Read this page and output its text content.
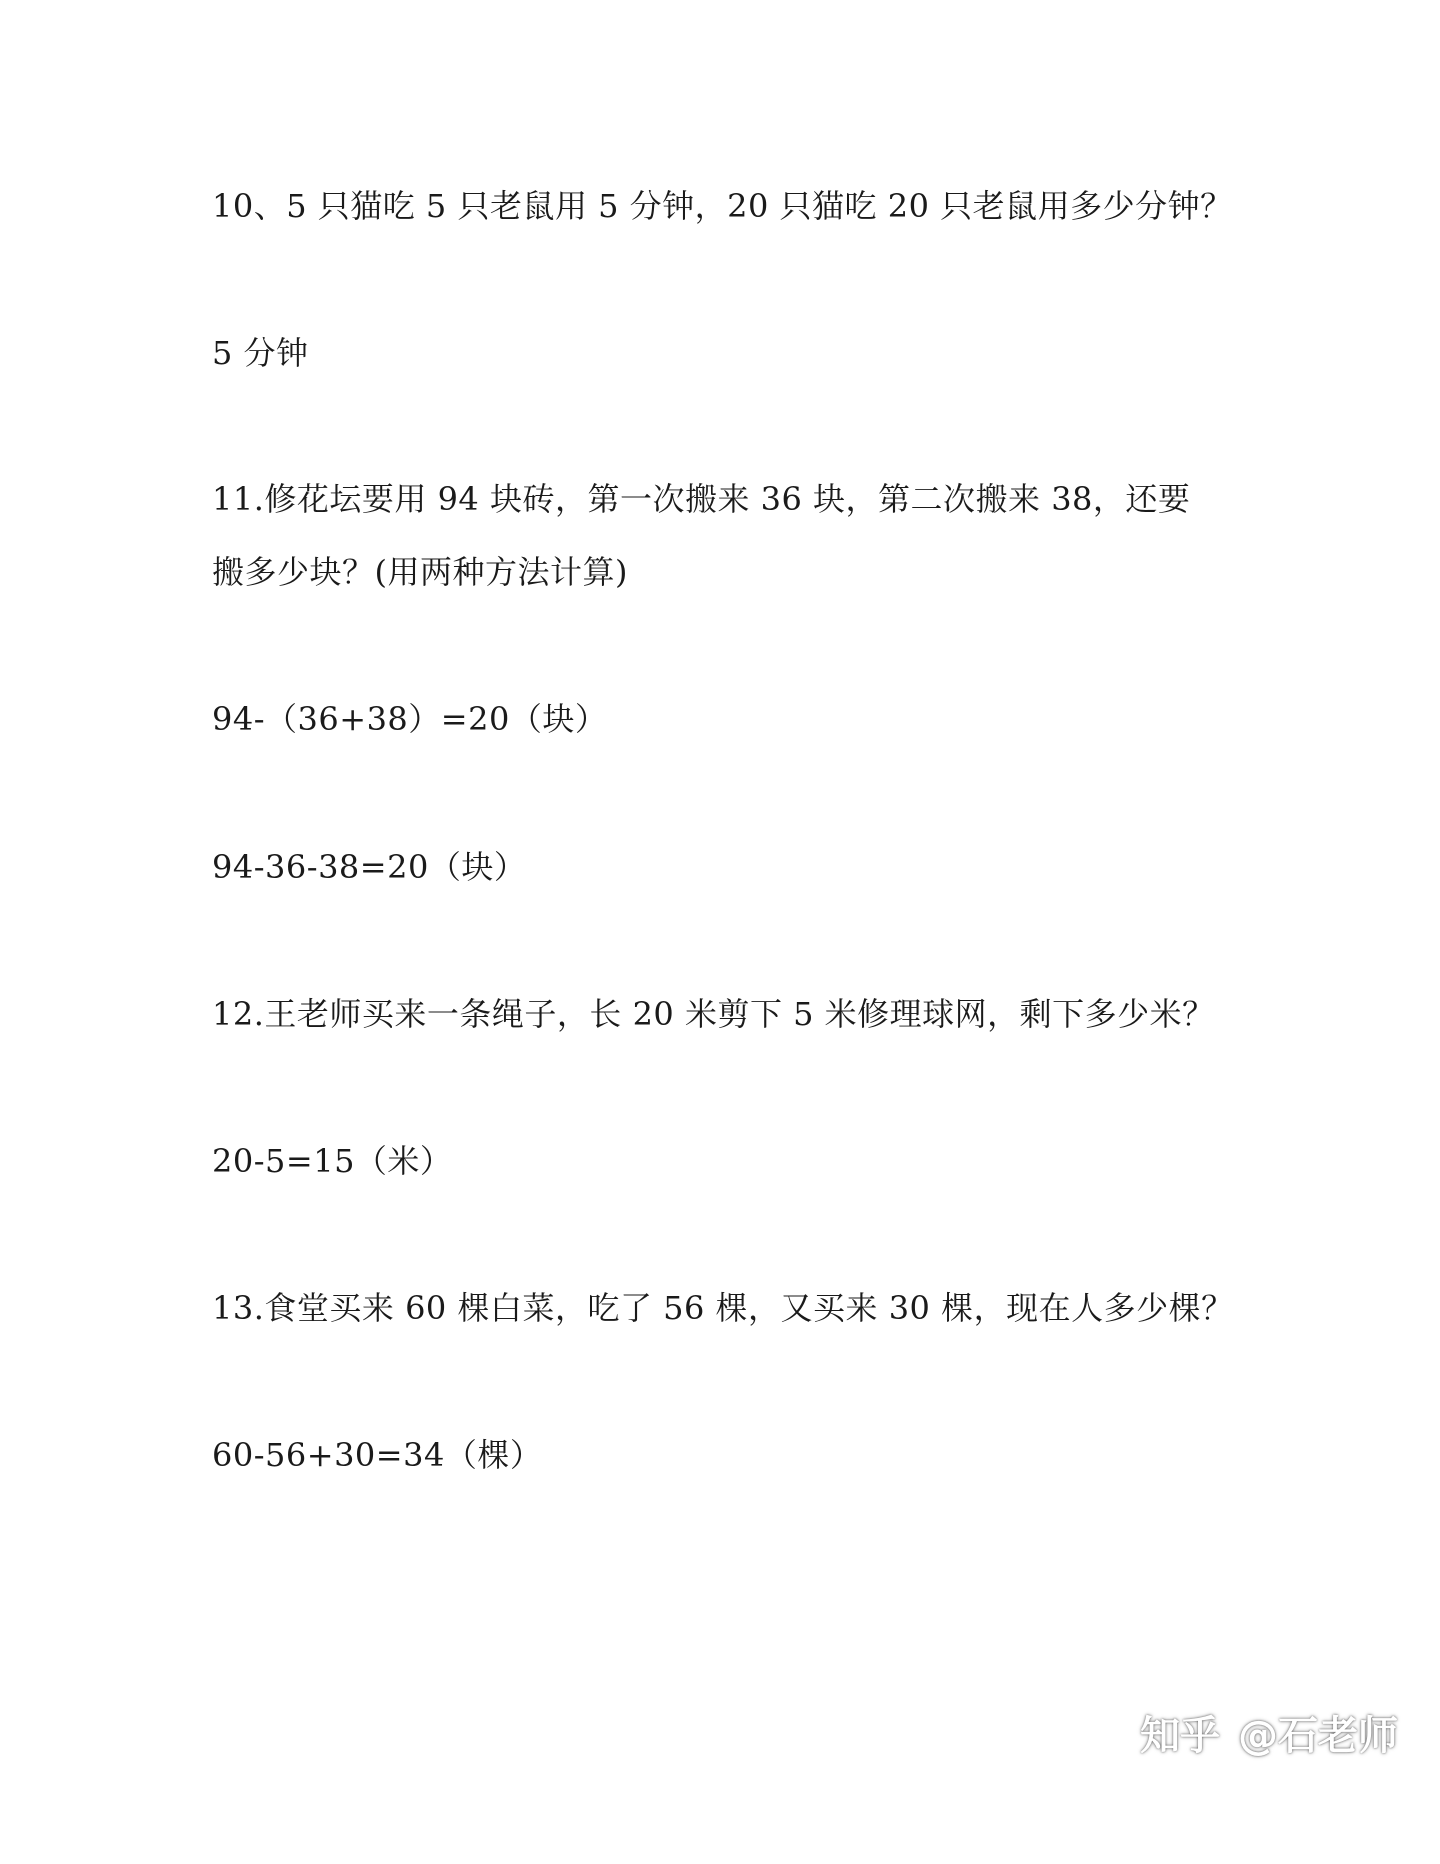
10、5 只猫吃 5 只老鼠用 5 分钟，20 只猫吃 20 只老鼠用多少分钟？
5 分钟
11.修花坛要用 94 块砖，第一次搬来 36 块，第二次搬来 38，还要
搬多少块？(用两种方法计算)
94-（36+38）=20（块）
94-36-38=20（块）
12.王老师买来一条绳子，长 20 米剪下 5 米修理球网，剩下多少米？
20-5=15（米）
13.食堂买来 60 棵白菜，吃了 56 棵，又买来 30 棵，现在人多少棵？
60-56+30=34（棵）
知乎 @石老师
